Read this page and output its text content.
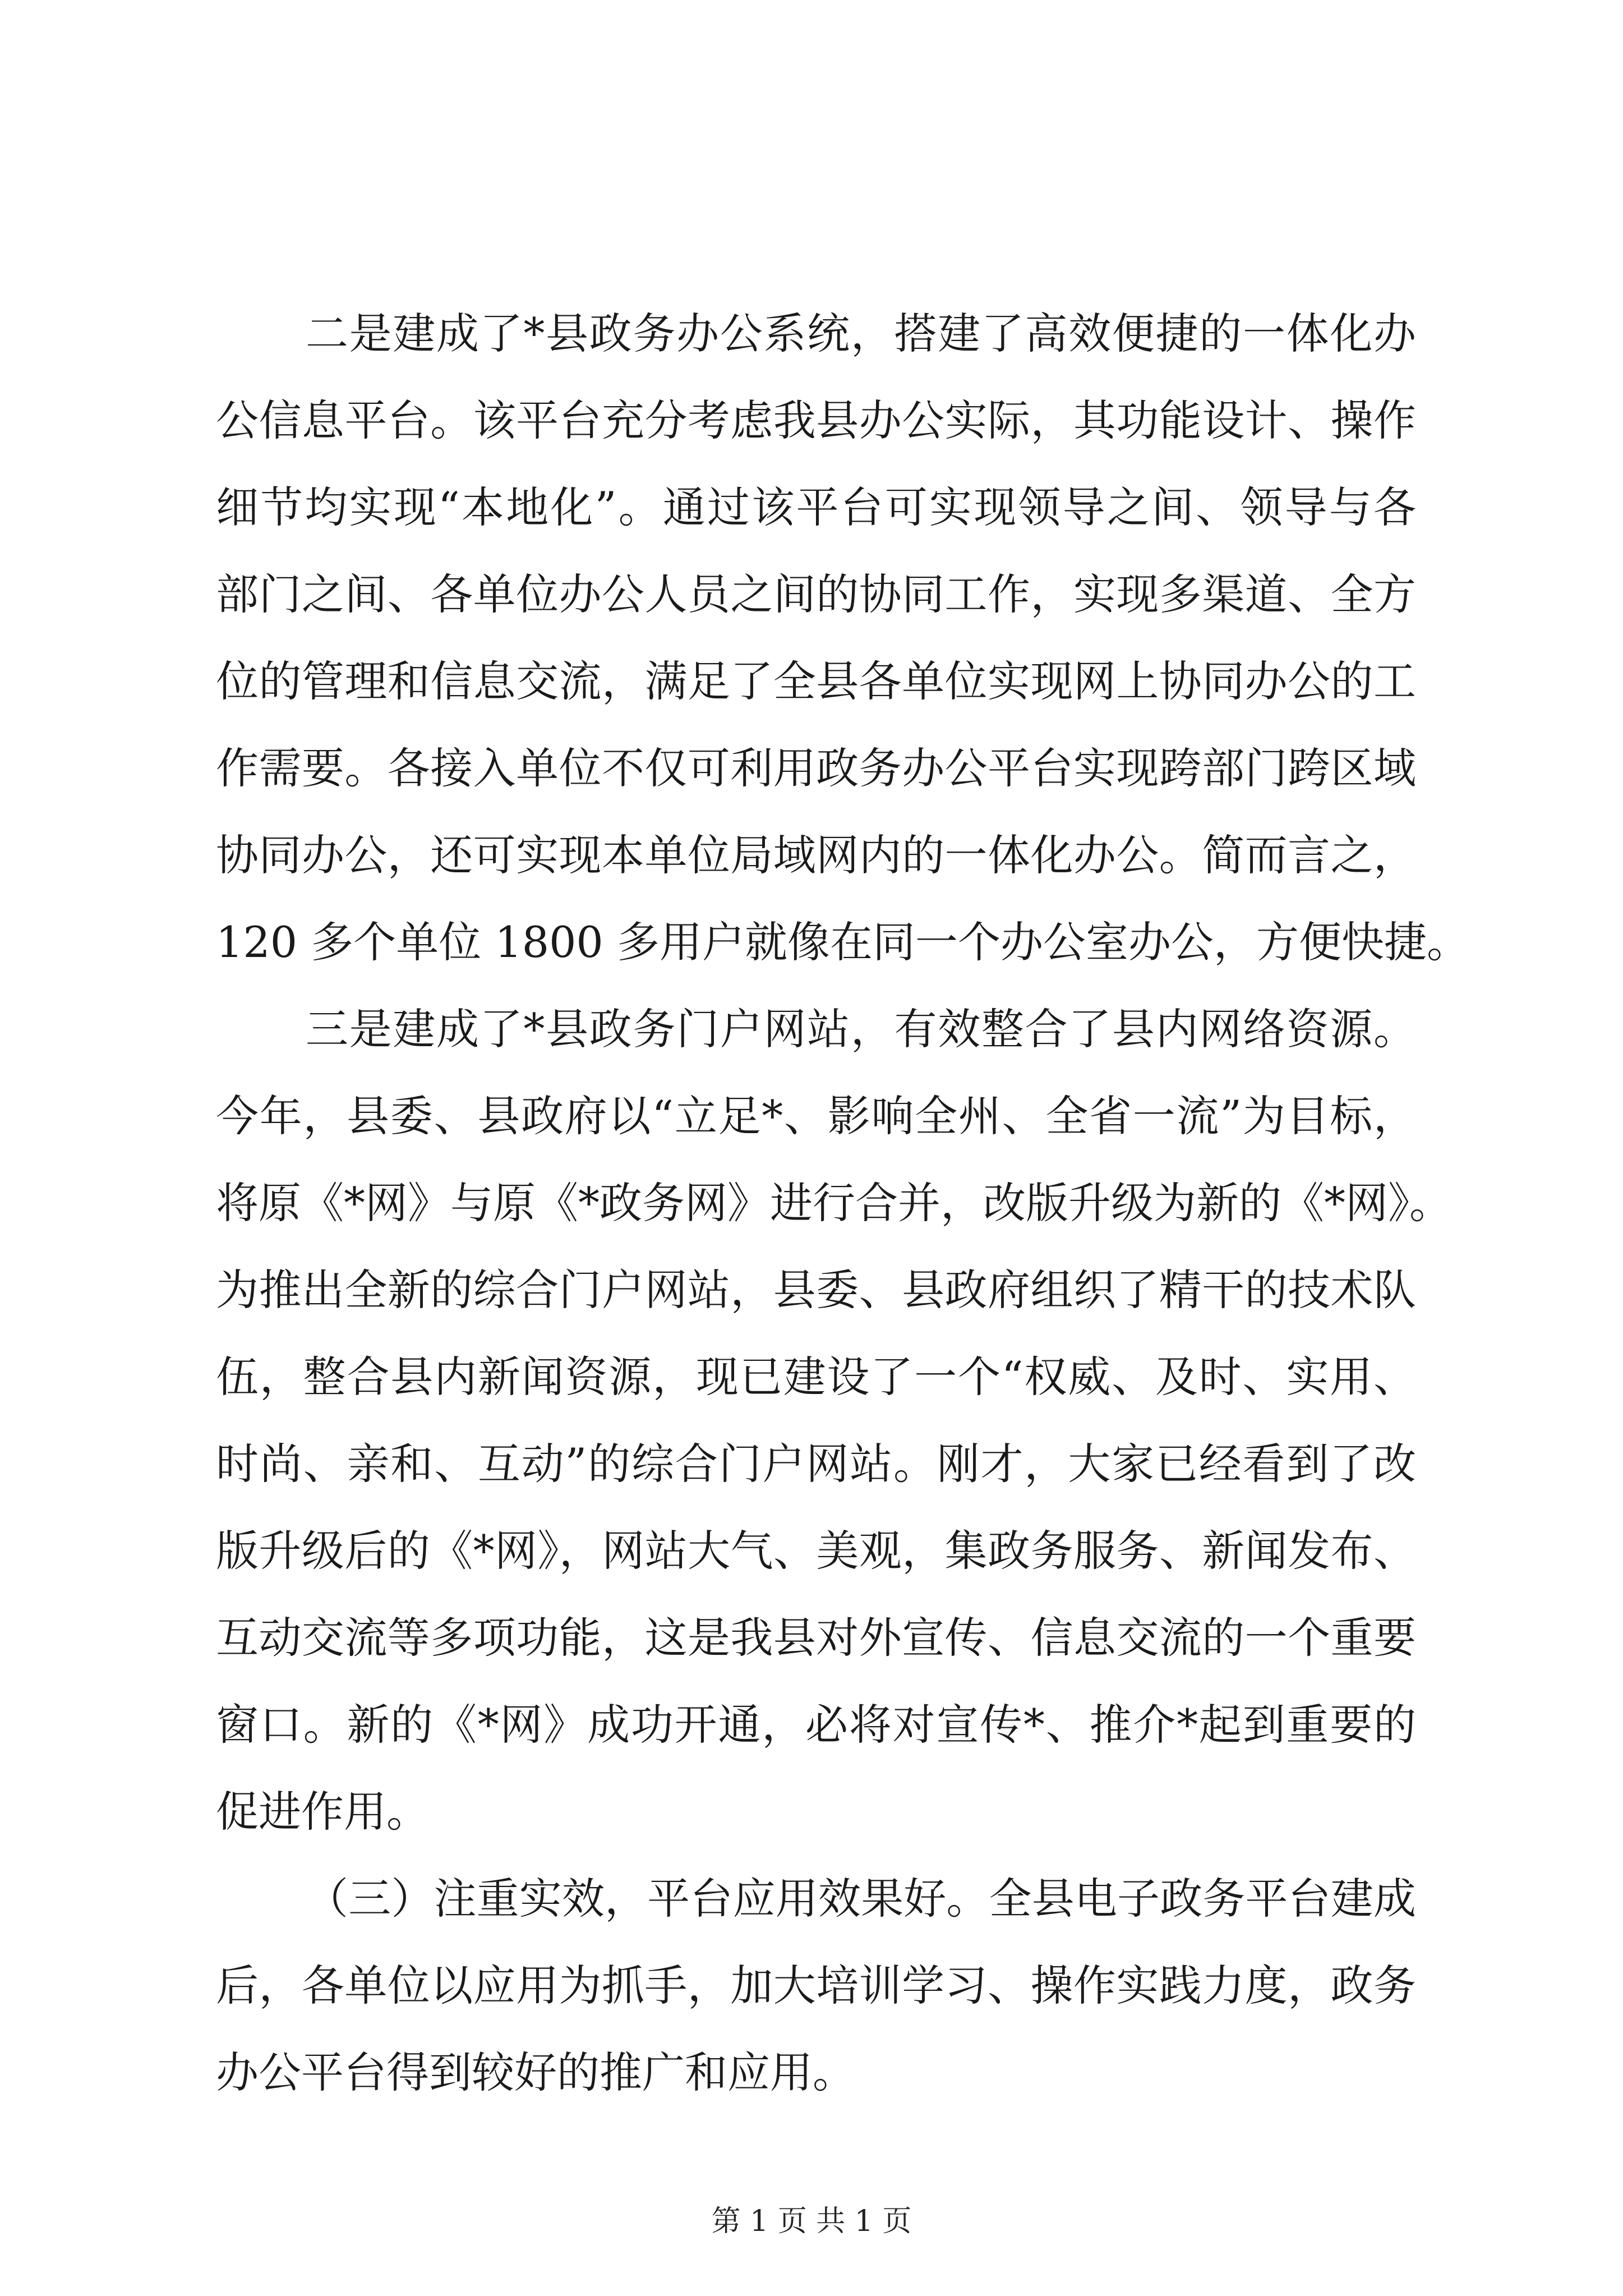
二是建成了*县政务办公系统，搭建了高效便捷的一体化办
公信息平台。该平台充分考虑我县办公实际，其功能设计、操作
细节均实现“本地化”。通过该平台可实现领导之间、领导与各
部门之间、各单位办公人员之间的协同工作，实现多渠道、全方
位的管理和信息交流，满足了全县各单位实现网上协同办公的工
作需要。各接入单位不仅可利用政务办公平台实现跨部门跨区域
协同办公，还可实现本单位局域网内的一体化办公。简而言之，
120 多个单位 1800 多用户就像在同一个办公室办公，方便快捷。
三是建成了*县政务门户网站，有效整合了县内网络资源。
今年，县委、县政府以“立足*、影响全州、全省一流”为目标，
将原《*网》与原《*政务网》进行合并，改版升级为新的《*网》。
为推出全新的综合门户网站，县委、县政府组织了精干的技术队
伍，整合县内新闻资源，现已建设了一个“权威、及时、实用、
时尚、亲和、互动”的综合门户网站。刚才，大家已经看到了改
版升级后的《*网》，网站大气、美观，集政务服务、新闻发布、
互动交流等多项功能，这是我县对外宣传、信息交流的一个重要
窗口。新的《*网》成功开通，必将对宣传*、推介*起到重要的
促进作用。
（三）注重实效，平台应用效果好。全县电子政务平台建成
后，各单位以应用为抓手，加大培训学习、操作实践力度，政务
办公平台得到较好的推广和应用。
第 1 页 共 1 页
